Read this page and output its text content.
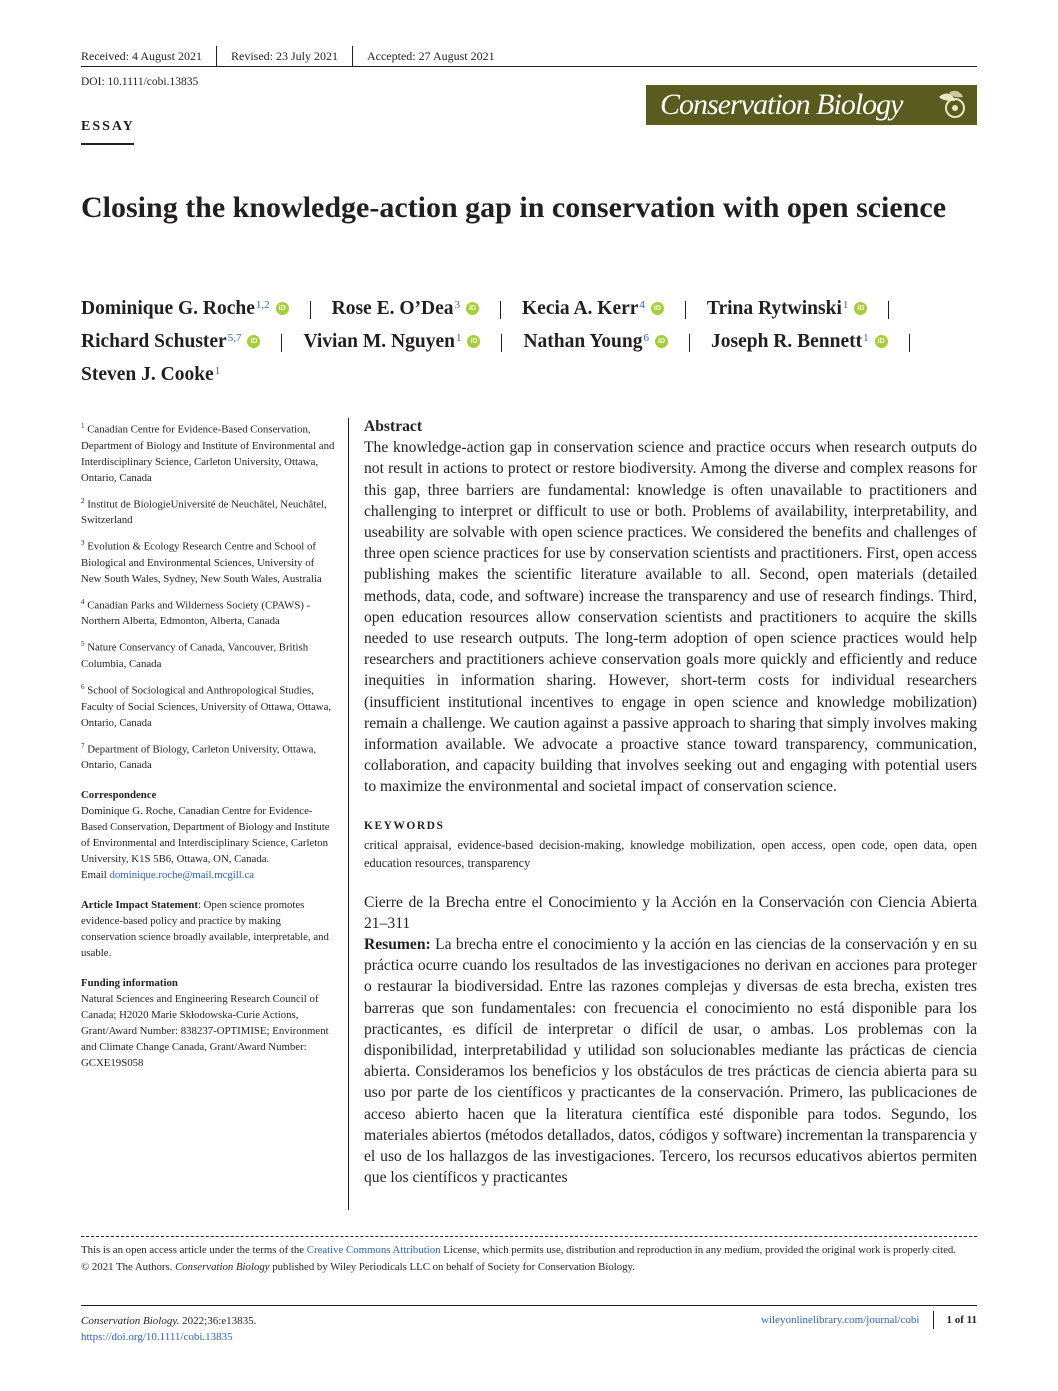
Received: 4 August 2021	Revised: 23 July 2021	Accepted: 27 August 2021
DOI: 10.1111/cobi.13835
Conservation Biology
ESSAY
Closing the knowledge-action gap in conservation with open science
Dominique G. Roche$^{1,2}$	iD Rose E. O’Dea$^3$	iD Kecia A. Kerr$^4$	iD Trina Rytwinski$^1$	iD
Richard Schuster$^{5,7}$	iD Vivian M. Nguyen$^1$	iD Nathan Young$^6$	iD Joseph R. Bennett$^1$	iD
Steven J. Cooke$^1$
$^1$ Canadian Centre for Evidence-Based Conservation, Department of Biology and Institute of Environmental and Interdisciplinary Science, Carleton University, Ottawa, Ontario, Canada
$^2$ Institut de BiologieUniversité de Neuchâtel, Neuchâtel, Switzerland
$^3$ Evolution & Ecology Research Centre and School of Biological and Environmental Sciences, University of New South Wales, Sydney, New South Wales, Australia
$^4$ Canadian Parks and Wilderness Society (CPAWS) - Northern Alberta, Edmonton, Alberta, Canada
$^5$ Nature Conservancy of Canada, Vancouver, British Columbia, Canada
$^6$ School of Sociological and Anthropological Studies, Faculty of Social Sciences, University of Ottawa, Ottawa, Ontario, Canada
$^7$ Department of Biology, Carleton University, Ottawa, Ontario, Canada
Correspondence
Dominique G. Roche, Canadian Centre for Evidence-Based Conservation, Department of Biology and Institute of Environmental and Interdisciplinary Science, Carleton University, K1S 5B6, Ottawa, ON, Canada.
Email dominique.roche@mail.mcgill.ca
Article Impact Statement: Open science promotes evidence-based policy and practice by making conservation science broadly available, interpretable, and usable.
Funding information
Natural Sciences and Engineering Research Council of Canada; H2020 Marie Skłodowska-Curie Actions, Grant/Award Number: 838237-OPTIMISE; Environment and Climate Change Canada, Grant/Award Number: GCXE19S058
Abstract
The knowledge-action gap in conservation science and practice occurs when research outputs do not result in actions to protect or restore biodiversity. Among the diverse and complex reasons for this gap, three barriers are fundamental: knowledge is often unavailable to practitioners and challenging to interpret or difficult to use or both. Problems of availability, interpretability, and useability are solvable with open science practices. We considered the benefits and challenges of three open science practices for use by conservation scientists and practitioners. First, open access publishing makes the scientific literature available to all. Second, open materials (detailed methods, data, code, and software) increase the transparency and use of research findings. Third, open education resources allow conservation scientists and practitioners to acquire the skills needed to use research outputs. The long-term adoption of open science practices would help researchers and practitioners achieve conservation goals more quickly and efficiently and reduce inequities in information sharing. However, short-term costs for individual researchers (insufficient institutional incentives to engage in open science and knowledge mobilization) remain a challenge. We caution against a passive approach to sharing that simply involves making information available. We advocate a proactive stance toward transparency, communication, collaboration, and capacity building that involves seeking out and engaging with potential users to maximize the environmental and societal impact of conservation science.
KEYWORDS
critical appraisal, evidence-based decision-making, knowledge mobilization, open access, open code, open data, open education resources, transparency
Cierre de la Brecha entre el Conocimiento y la Acción en la Conservación con Ciencia Abierta 21–311
Resumen: La brecha entre el conocimiento y la acción en las ciencias de la conservación y en su práctica ocurre cuando los resultados de las investigaciones no derivan en acciones para proteger o restaurar la biodiversidad. Entre las razones complejas y diversas de esta brecha, existen tres barreras que son fundamentales: con frecuencia el conocimiento no está disponible para los practicantes, es difícil de interpretar o difícil de usar, o ambas. Los problemas con la disponibilidad, interpretabilidad y utilidad son solucionables mediante las prácticas de ciencia abierta. Consideramos los beneficios y los obstáculos de tres prácticas de ciencia abierta para su uso por parte de los científicos y practicantes de la conservación. Primero, las publicaciones de acceso abierto hacen que la literatura científica esté disponible para todos. Segundo, los materiales abiertos (métodos detallados, datos, códigos y software) incrementan la transparencia y el uso de los hallazgos de las investigaciones. Tercero, los recursos educativos abiertos permiten que los científicos y practicantes
This is an open access article under the terms of the Creative Commons Attribution License, which permits use, distribution and reproduction in any medium, provided the original work is properly cited.
© 2021 The Authors. Conservation Biology published by Wiley Periodicals LLC on behalf of Society for Conservation Biology.
Conservation Biology. 2022;36:e13835.
https://doi.org/10.1111/cobi.13835
wileyonlinelibrary.com/journal/cobi	1 of 11
